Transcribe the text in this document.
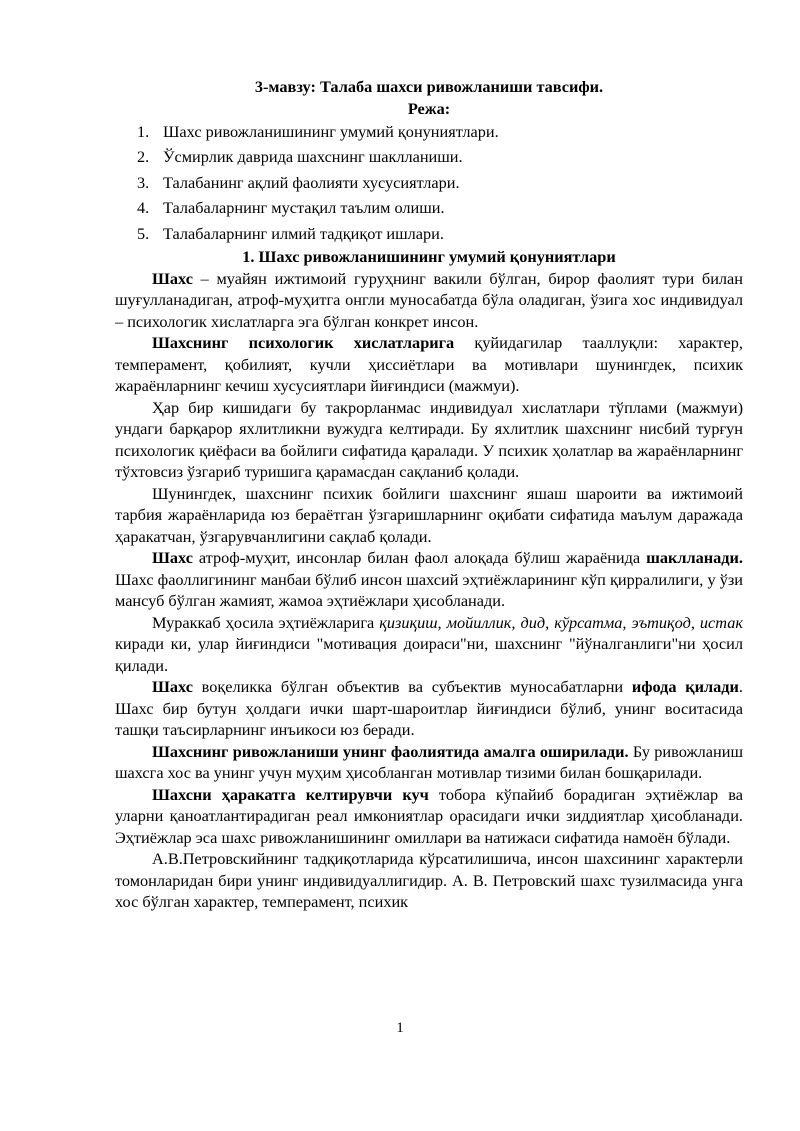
3-мавзу: Талаба шахси ривожланиши тавсифи.
Режа:
1. Шахс ривожланишининг умумий қонуниятлари.
2. Ўсмирлик даврида шахснинг шаклланиши.
3. Талабанинг ақлий фаолияти хусусиятлари.
4. Талабаларнинг мустақил таълим олиши.
5. Талабаларнинг илмий тадқиқот ишлари.
1. Шахс ривожланишининг умумий қонуниятлари

Шахс – муайян ижтимоий гуруҳнинг вакили бўлган, бирор фаолият тури билан шуғулланадиган, атроф-муҳитга онгли муносабатда бўла оладиган, ўзига хос индивидуал – психологик хислатларга эга бўлган конкрет инсон.

Шахснинг психологик хислатларига қуйидагилар тааллуқли: характер, темперамент, қобилият, кучли ҳиссиётлари ва мотивлари шунингдек, психик жараёнларнинг кечиш хусусиятлари йиғиндиси (мажмуи).

Ҳар бир кишидаги бу такрорланмас индивидуал хислатлари тўплами (мажмуи) ундаги барқарор яхлитликни вужудга келтиради. Бу яхлитлик шахснинг нисбий турғун психологик қиёфаси ва бойлиги сифатида қаралади. У психик ҳолатлар ва жараёнларнинг тўхтовсиз ўзгариб туришига қарамасдан сақланиб қолади.

Шунингдек, шахснинг психик бойлиги шахснинг яшаш шароити ва ижтимоий тарбия жараёнларида юз бераётган ўзгаришларнинг оқибати сифатида маълум даражада ҳаракатчан, ўзгарувчанлигини сақлаб қолади.

Шахс атроф-муҳит, инсонлар билан фаол алоқада бўлиш жараёнида шаклланади. Шахс фаоллигининг манбаи бўлиб инсон шахсий эҳтиёжларининг кўп қирралилиги, у ўзи мансуб бўлган жамият, жамоа эҳтиёжлари ҳисобланади.

Мураккаб ҳосила эҳтиёжларига қизиқиш, мойиллик, дид, кўрсатма, эътиқод, истак киради ки, улар йиғиндиси "мотивация доираси"ни, шахснинг "йўналганлиги"ни ҳосил қилади.

Шахс воқеликка бўлган объектив ва субъектив муносабатларни ифода қилади. Шахс бир бутун ҳолдаги ички шарт-шароитлар йиғиндиси бўлиб, унинг воситасида ташқи таъсирларнинг инъикоси юз беради.

Шахснинг ривожланиши унинг фаолиятида амалга оширилади. Бу ривожланиш шахсга хос ва унинг учун муҳим ҳисобланган мотивлар тизими билан бошқарилади.

Шахсни ҳаракатга келтирувчи куч тобора кўпайиб борадиган эҳтиёжлар ва уларни қаноатлантирадиган реал имкониятлар орасидаги ички зиддиятлар ҳисобланади. Эҳтиёжлар эса шахс ривожланишининг омиллари ва натижаси сифатида намоён бўлади.

А.В.Петровскийнинг тадқиқотларида кўрсатилишича, инсон шахсининг характерли томонларидан бири унинг индивидуаллигидир. А. В. Петровский шахс тузилмасида унга хос бўлган характер, темперамент, психик

1
